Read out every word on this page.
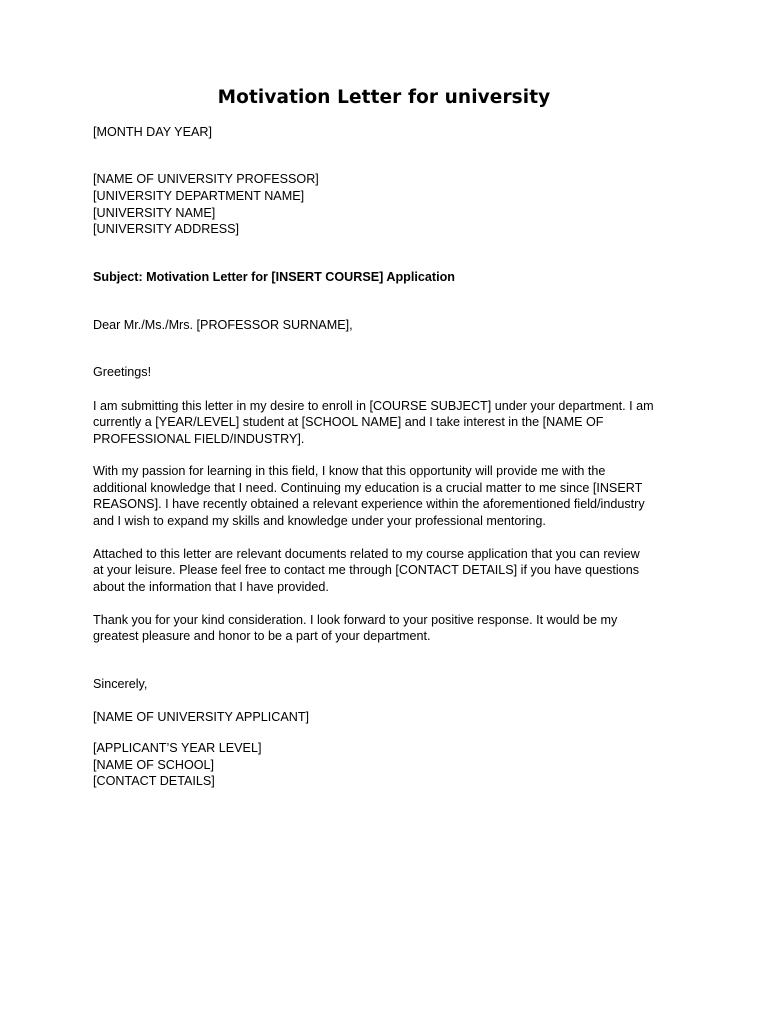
Motivation Letter for university
[MONTH DAY YEAR]
[NAME OF UNIVERSITY PROFESSOR]
[UNIVERSITY DEPARTMENT NAME]
[UNIVERSITY NAME]
[UNIVERSITY ADDRESS]
Subject: Motivation Letter for [INSERT COURSE] Application
Dear Mr./Ms./Mrs. [PROFESSOR SURNAME],
Greetings!
I am submitting this letter in my desire to enroll in [COURSE SUBJECT] under your department. I am
currently a [YEAR/LEVEL] student at [SCHOOL NAME] and I take interest in the [NAME OF
PROFESSIONAL FIELD/INDUSTRY].
With my passion for learning in this field, I know that this opportunity will provide me with the
additional knowledge that I need. Continuing my education is a crucial matter to me since [INSERT
REASONS]. I have recently obtained a relevant experience within the aforementioned field/industry
and I wish to expand my skills and knowledge under your professional mentoring.
Attached to this letter are relevant documents related to my course application that you can review
at your leisure. Please feel free to contact me through [CONTACT DETAILS] if you have questions
about the information that I have provided.
Thank you for your kind consideration. I look forward to your positive response. It would be my
greatest pleasure and honor to be a part of your department.
Sincerely,
[NAME OF UNIVERSITY APPLICANT]
[APPLICANT’S YEAR LEVEL]
[NAME OF SCHOOL]
[CONTACT DETAILS]
